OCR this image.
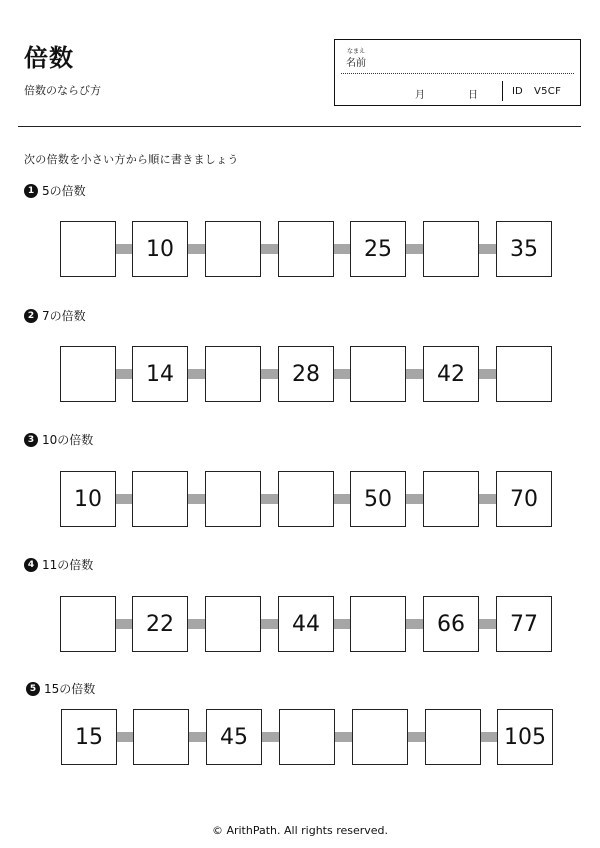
倍数
倍数のならび方
なまえ
名前
月	日	ID V5CF
次の倍数を小さい方から順に書きましょう
1 5の倍数
10	25	35
2 7の倍数
14	28	42
3 10の倍数
10	50	70
4 11の倍数
22	44	66	77
5 15の倍数
15	45	105
© ArithPath. All rights reserved.
